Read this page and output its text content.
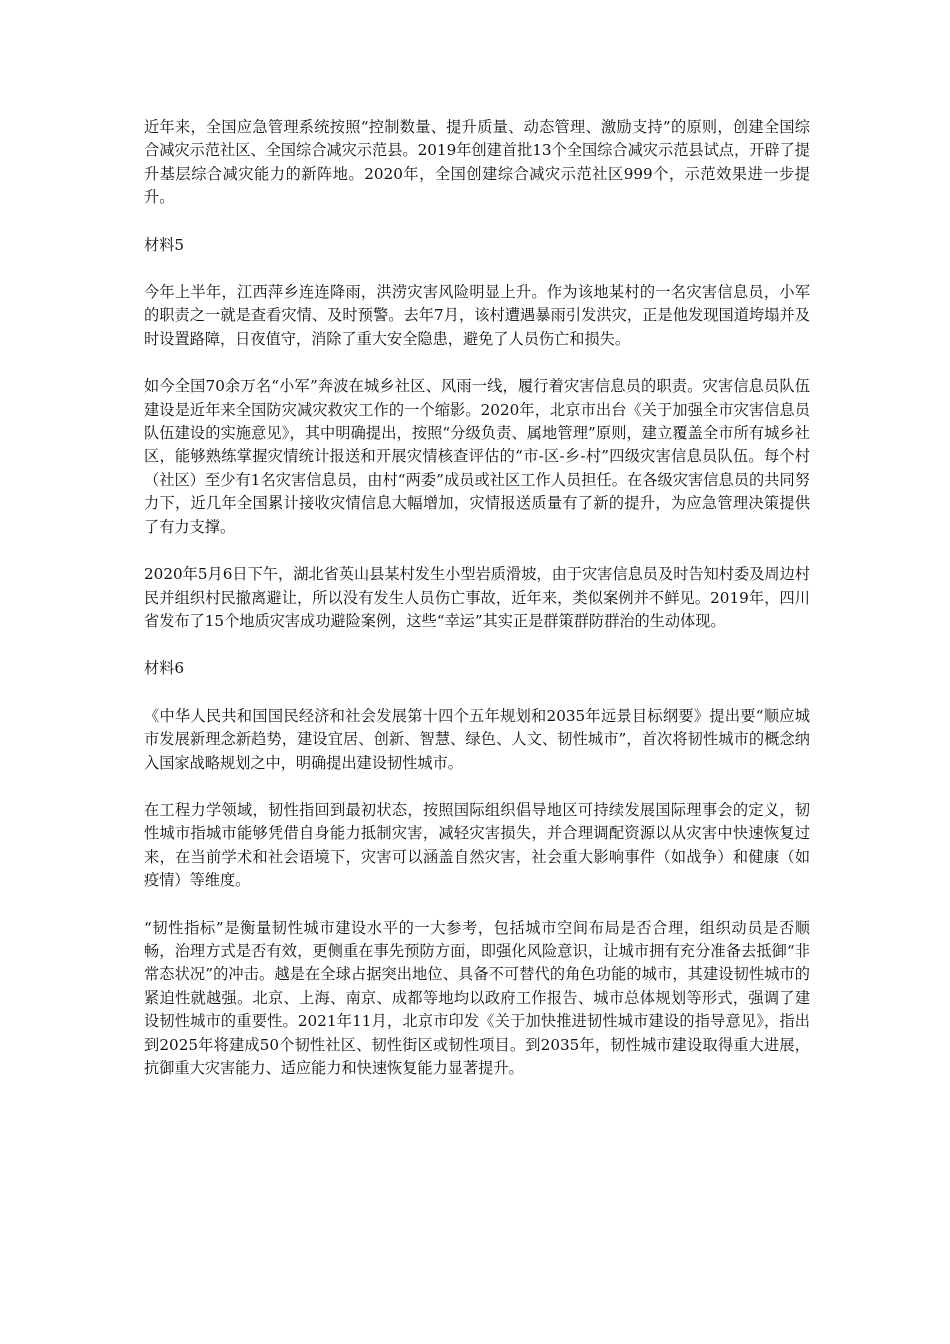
近年来，全国应急管理系统按照“控制数量、提升质量、动态管理、激励支持”的原则，创建全国综合减灾示范社区、全国综合减灾示范县。2019年创建首批13个全国综合减灾示范县试点，开辟了提升基层综合减灾能力的新阵地。2020年，全国创建综合减灾示范社区999个，示范效果进一步提升。

材料5

今年上半年，江西萍乡连连降雨，洪涝灾害风险明显上升。作为该地某村的一名灾害信息员，小军的职责之一就是查看灾情、及时预警。去年7月，该村遭遇暴雨引发洪灾，正是他发现国道垮塌并及时设置路障，日夜值守，消除了重大安全隐患，避免了人员伤亡和损失。

如今全国70余万名“小军”奔波在城乡社区、风雨一线，履行着灾害信息员的职责。灾害信息员队伍建设是近年来全国防灾减灾救灾工作的一个缩影。2020年，北京市出台《关于加强全市灾害信息员队伍建设的实施意见》，其中明确提出，按照“分级负责、属地管理”原则，建立覆盖全市所有城乡社区，能够熟练掌握灾情统计报送和开展灾情核查评估的“市-区-乡-村”四级灾害信息员队伍。每个村（社区）至少有1名灾害信息员，由村“两委”成员或社区工作人员担任。在各级灾害信息员的共同努力下，近几年全国累计接收灾情信息大幅增加，灾情报送质量有了新的提升，为应急管理决策提供了有力支撑。

2020年5月6日下午，湖北省英山县某村发生小型岩质滑坡，由于灾害信息员及时告知村委及周边村民并组织村民撤离避让，所以没有发生人员伤亡事故，近年来，类似案例并不鲜见。2019年，四川省发布了15个地质灾害成功避险案例，这些“幸运”其实正是群策群防群治的生动体现。

材料6

《中华人民共和国国民经济和社会发展第十四个五年规划和2035年远景目标纲要》提出要“顺应城市发展新理念新趋势，建设宜居、创新、智慧、绿色、人文、韧性城市”，首次将韧性城市的概念纳入国家战略规划之中，明确提出建设韧性城市。

在工程力学领域，韧性指回到最初状态，按照国际组织倡导地区可持续发展国际理事会的定义，韧性城市指城市能够凭借自身能力抵制灾害，减轻灾害损失，并合理调配资源以从灾害中快速恢复过来，在当前学术和社会语境下，灾害可以涵盖自然灾害，社会重大影响事件（如战争）和健康（如疫情）等维度。

“韧性指标”是衡量韧性城市建设水平的一大参考，包括城市空间布局是否合理，组织动员是否顺畅，治理方式是否有效，更侧重在事先预防方面，即强化风险意识，让城市拥有充分准备去抵御“非常态状况”的冲击。越是在全球占据突出地位、具备不可替代的角色功能的城市，其建设韧性城市的紧迫性就越强。北京、上海、南京、成都等地均以政府工作报告、城市总体规划等形式，强调了建设韧性城市的重要性。2021年11月，北京市印发《关于加快推进韧性城市建设的指导意见》，指出到2025年将建成50个韧性社区、韧性街区或韧性项目。到2035年，韧性城市建设取得重大进展，抗御重大灾害能力、适应能力和快速恢复能力显著提升。
